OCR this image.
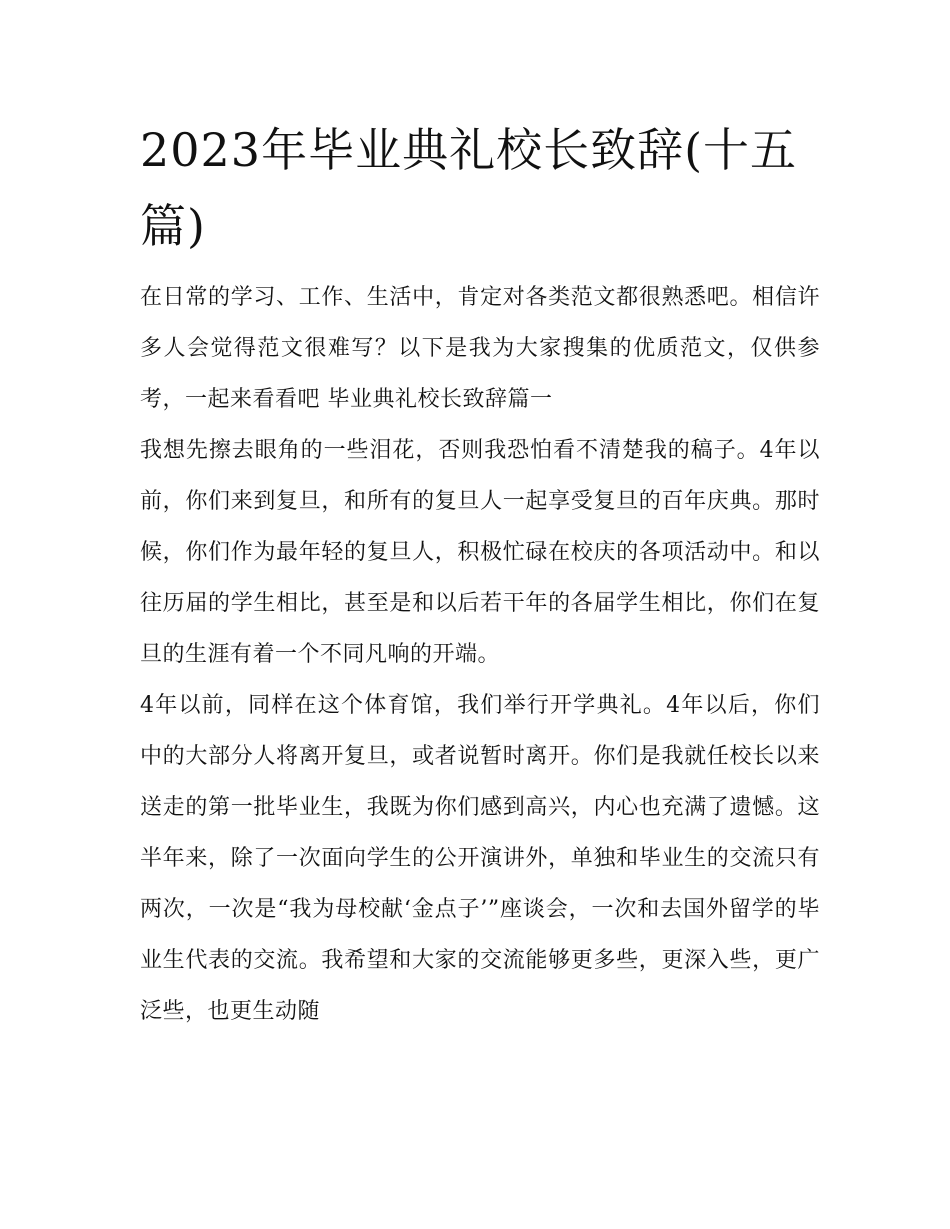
2023年毕业典礼校长致辞(十五篇)

在日常的学习、工作、生活中，肯定对各类范文都很熟悉吧。相信许多人会觉得范文很难写？以下是我为大家搜集的优质范文，仅供参考，一起来看看吧 毕业典礼校长致辞篇一

我想先擦去眼角的一些泪花，否则我恐怕看不清楚我的稿子。4年以前，你们来到复旦，和所有的复旦人一起享受复旦的百年庆典。那时候，你们作为最年轻的复旦人，积极忙碌在校庆的各项活动中。和以往历届的学生相比，甚至是和以后若干年的各届学生相比，你们在复旦的生涯有着一个不同凡响的开端。

4年以前，同样在这个体育馆，我们举行开学典礼。4年以后，你们中的大部分人将离开复旦，或者说暂时离开。你们是我就任校长以来送走的第一批毕业生，我既为你们感到高兴，内心也充满了遗憾。这半年来，除了一次面向学生的公开演讲外，单独和毕业生的交流只有两次，一次是“我为母校献‘金点子’”座谈会，一次和去国外留学的毕业生代表的交流。我希望和大家的交流能够更多些，更深入些，更广泛些，也更生动随
